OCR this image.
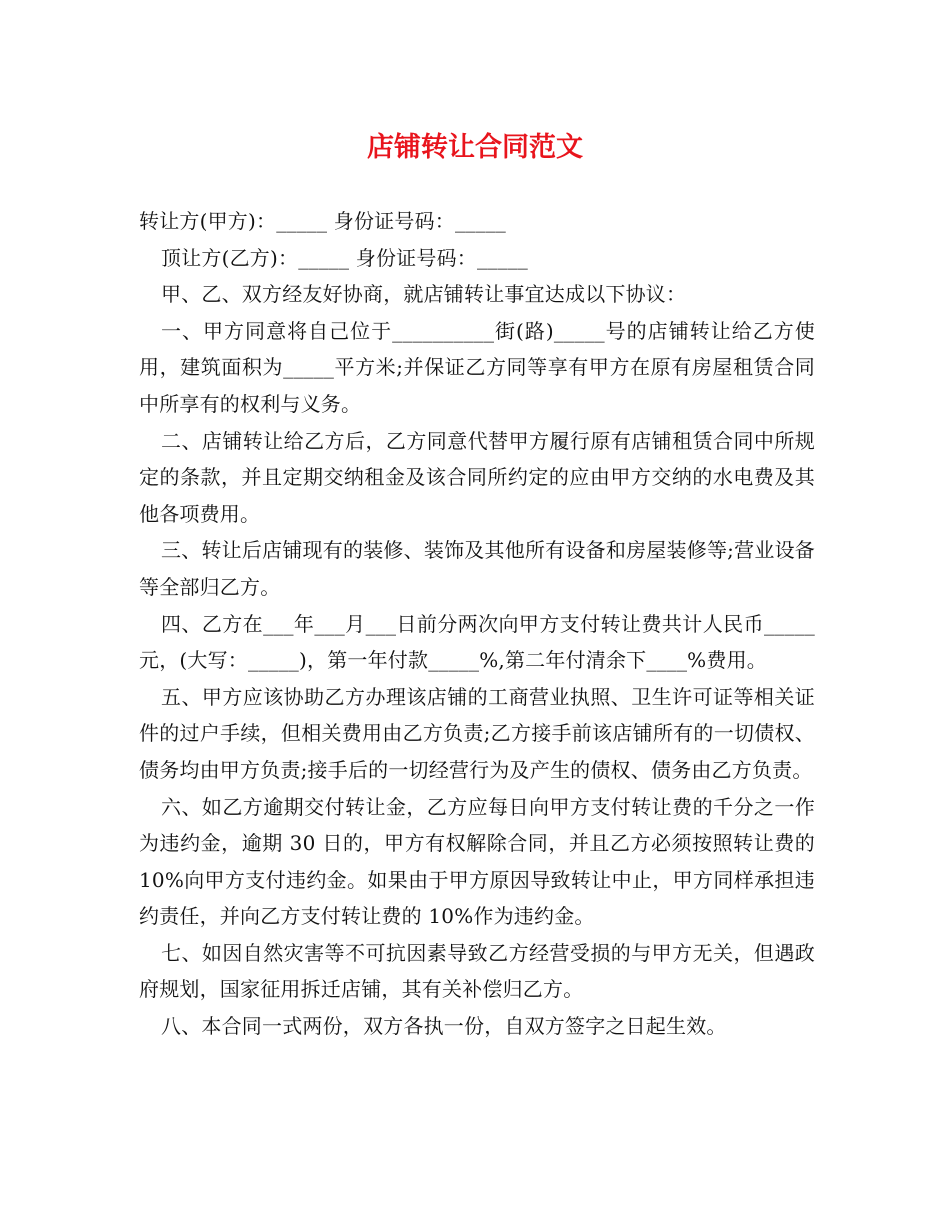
店铺转让合同范文

转让方(甲方)：_____ 身份证号码：_____

顶让方(乙方)：_____ 身份证号码：_____

甲、乙、双方经友好协商，就店铺转让事宜达成以下协议：

一、甲方同意将自己位于__________街(路)_____号的店铺转让给乙方使用，建筑面积为_____平方米;并保证乙方同等享有甲方在原有房屋租赁合同中所享有的权利与义务。

二、店铺转让给乙方后，乙方同意代替甲方履行原有店铺租赁合同中所规定的条款，并且定期交纳租金及该合同所约定的应由甲方交纳的水电费及其他各项费用。

三、转让后店铺现有的装修、装饰及其他所有设备和房屋装修等;营业设备等全部归乙方。

四、乙方在___年___月___日前分两次向甲方支付转让费共计人民币_____元，(大写：_____)，第一年付款_____%,第二年付清余下____%费用。

五、甲方应该协助乙方办理该店铺的工商营业执照、卫生许可证等相关证件的过户手续，但相关费用由乙方负责;乙方接手前该店铺所有的一切债权、债务均由甲方负责;接手后的一切经营行为及产生的债权、债务由乙方负责。

六、如乙方逾期交付转让金，乙方应每日向甲方支付转让费的千分之一作为违约金，逾期 30 日的，甲方有权解除合同，并且乙方必须按照转让费的 10%向甲方支付违约金。如果由于甲方原因导致转让中止，甲方同样承担违约责任，并向乙方支付转让费的 10%作为违约金。

七、如因自然灾害等不可抗因素导致乙方经营受损的与甲方无关，但遇政府规划，国家征用拆迁店铺，其有关补偿归乙方。

八、本合同一式两份，双方各执一份，自双方签字之日起生效。
